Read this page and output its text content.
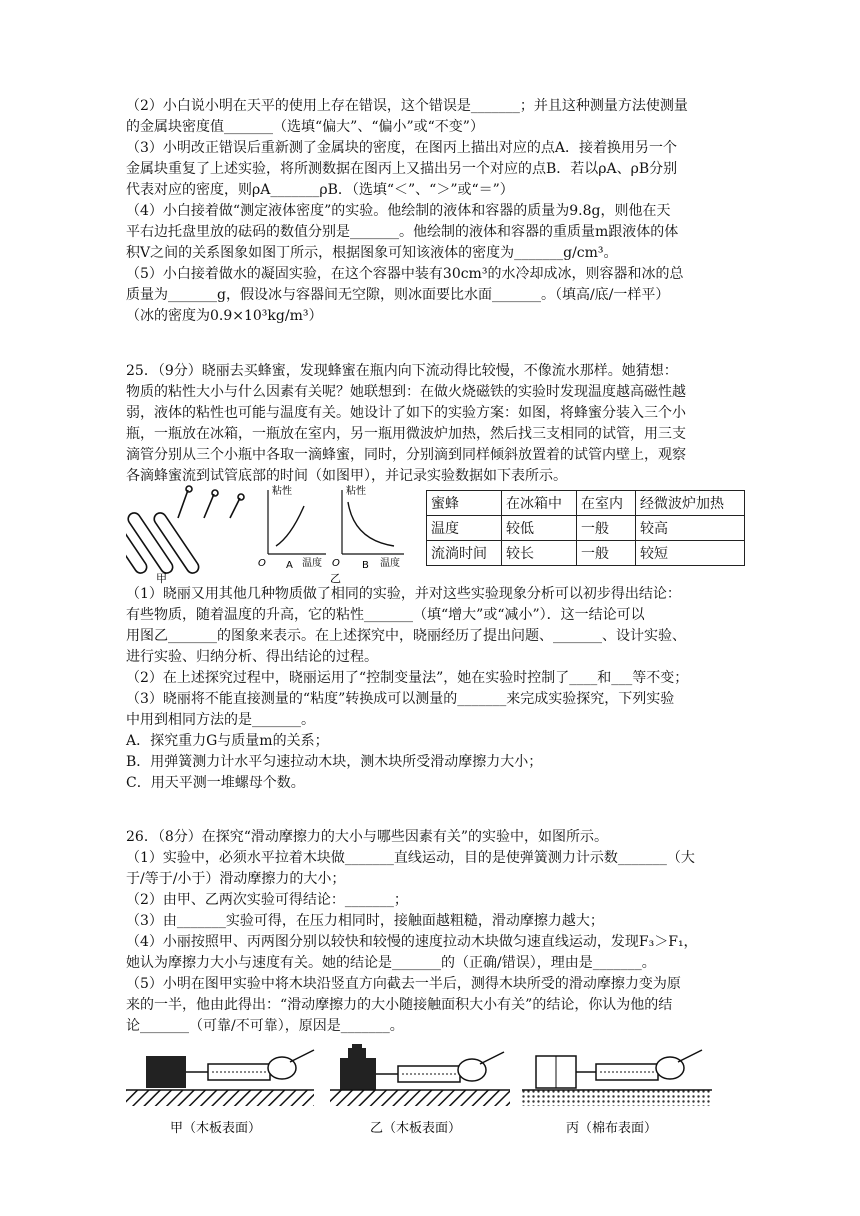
（2）小白说小明在天平的使用上存在错误，这个错误是_______；并且这种测量方法使测量

的金属块密度值_______（选填“偏大”、“偏小”或“不变”）

（3）小明改正错误后重新测了金属块的密度，在图丙上描出对应的点A．接着换用另一个

金属块重复了上述实验，将所测数据在图丙上又描出另一个对应的点B．若以ρA、ρB分别

代表对应的密度，则ρA_______ρB．（选填“＜”、“＞”或“＝”）

（4）小白接着做“测定液体密度”的实验。他绘制的液体和容器的质量为9.8g，则他在天

平右边托盘里放的砝码的数值分别是_______。他绘制的液体和容器的重质量m跟液体的体

积V之间的关系图象如图丁所示，根据图象可知该液体的密度为_______g/cm³。

（5）小白接着做水的凝固实验，在这个容器中装有30cm³的水冷却成冰，则容器和冰的总

质量为_______g，假设冰与容器间无空隙，则冰面要比水面_______。（填高/底/一样平）

（冰的密度为0.9×10³kg/m³）

25．（9分）晓丽去买蜂蜜，发现蜂蜜在瓶内向下流动得比较慢，不像流水那样。她猜想：

物质的粘性大小与什么因素有关呢？她联想到：在做火烧磁铁的实验时发现温度越高磁性越

弱，液体的粘性也可能与温度有关。她设计了如下的实验方案：如图，将蜂蜜分装入三个小

瓶，一瓶放在冰箱，一瓶放在室内，另一瓶用微波炉加热，然后找三支相同的试管，用三支

滴管分别从三个小瓶中各取一滴蜂蜜，同时，分别滴到同样倾斜放置着的试管内壁上，观察

各滴蜂蜜流到试管底部的时间（如图甲），并记录实验数据如下表所示。

甲
粘性
温度
A
O
粘性
温度
B
O
乙
蜜蜂	在冰箱中	在室内	经微波炉加热
温度	较低	一般	较高
流淌时间	较长	一般	较短

（1）晓丽又用其他几种物质做了相同的实验，并对这些实验现象分析可以初步得出结论：

有些物质，随着温度的升高，它的粘性_______（填“增大”或“减小”）．这一结论可以

用图乙_______的图象来表示。在上述探究中，晓丽经历了提出问题、_______、设计实验、

进行实验、归纳分析、得出结论的过程。

（2）在上述探究过程中，晓丽运用了“控制变量法”，她在实验时控制了____和___等不变；

（3）晓丽将不能直接测量的“粘度”转换成可以测量的_______来完成实验探究，下列实验

中用到相同方法的是_______。

A．探究重力G与质量m的关系；

B．用弹簧测力计水平匀速拉动木块，测木块所受滑动摩擦力大小；

C．用天平测一堆螺母个数。

26．（8分）在探究“滑动摩擦力的大小与哪些因素有关”的实验中，如图所示。

（1）实验中，必须水平拉着木块做_______直线运动，目的是使弹簧测力计示数_______（大

于/等于/小于）滑动摩擦力的大小；

（2）由甲、乙两次实验可得结论：_______；

（3）由_______实验可得，在压力相同时，接触面越粗糙，滑动摩擦力越大；

（4）小丽按照甲、丙两图分别以较快和较慢的速度拉动木块做匀速直线运动，发现F₃＞F₁，

她认为摩擦力大小与速度有关。她的结论是_______的（正确/错误），理由是_______。

（5）小明在图甲实验中将木块沿竖直方向截去一半后，测得木块所受的滑动摩擦力变为原

来的一半，他由此得出：“滑动摩擦力的大小随接触面积大小有关”的结论，你认为他的结

论_______（可靠/不可靠），原因是_______。

甲（木板表面）	乙（木板表面）	丙（棉布表面）
